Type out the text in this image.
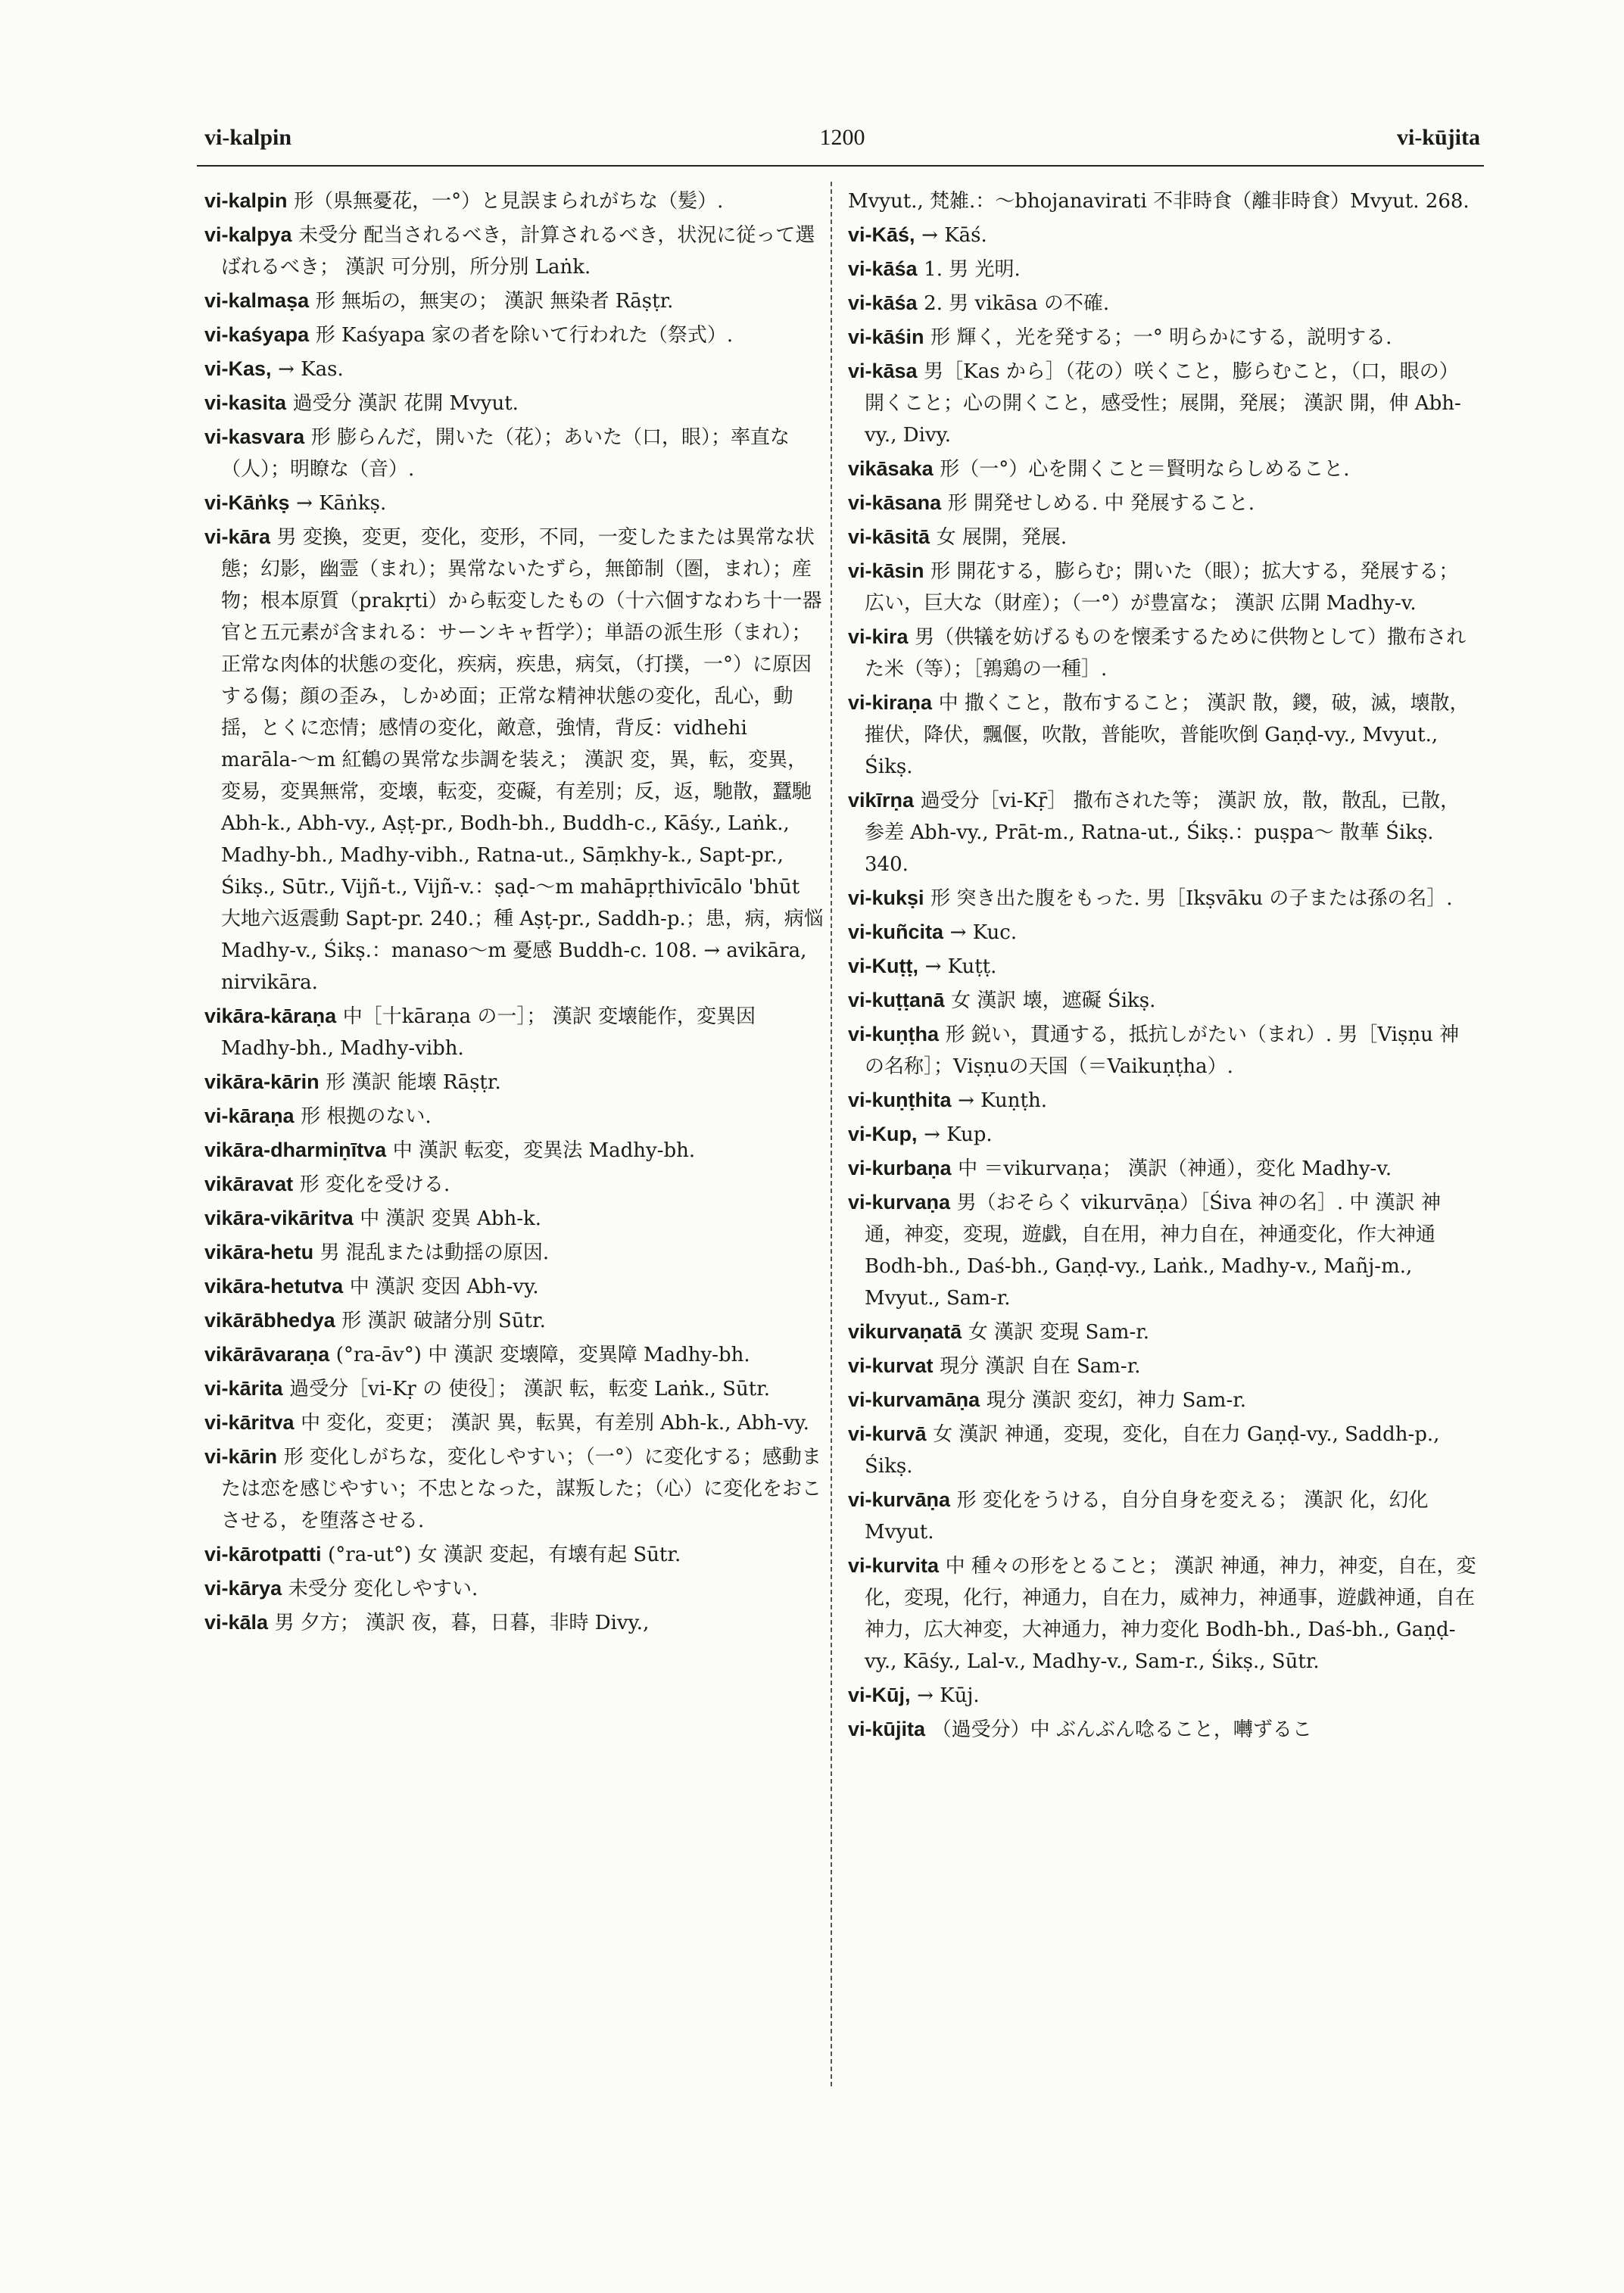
vi-kalpin	1200	vi-kūjita
vi-kalpin 形（県無憂花，一°）と見誤まられがちな（髪）.
vi-kalpya 未受分 配当されるべき，計算されるべき，状況に従って選ばれるべき； 漢訳 可分別，所分別 Laṅk.
vi-kalmaṣa 形 無垢の，無実の； 漢訳 無染者 Rāṣṭr.
vi-kaśyapa 形 Kaśyapa 家の者を除いて行われた（祭式）.
vi-Kas, → Kas.
vi-kasita 過受分 漢訳 花開 Mvyut.
vi-kasvara 形 膨らんだ，開いた（花）；あいた（口，眼）；率直な（人）；明瞭な（音）.
vi-Kāṅkṣ → Kāṅkṣ.
vi-kāra 男 変換，変更，変化，変形，不同，一変したまたは異常な状態；幻影，幽霊（まれ）；異常ないたずら，無節制（圏，まれ）；産物；根本原質（prakṛti）から転変したもの（十六個すなわち十一器官と五元素が含まれる：サーンキャ哲学）；単語の派生形（まれ）；正常な肉体的状態の変化，疾病，疾患，病気，（打撲，一°）に原因する傷；顔の歪み，しかめ面；正常な精神状態の変化，乱心，動揺，とくに恋情；感情の変化，敵意，強情，背反：vidhehi marāla-～m 紅鶴の異常な歩調を装え； 漢訳 変，異，転，変異，変易，変異無常，変壊，転変，変礙，有差別；反，返，馳散，蠶馳 Abh-k., Abh-vy., Aṣṭ-pr., Bodh-bh., Buddh-c., Kāśy., Laṅk., Madhy-bh., Madhy-vibh., Ratna-ut., Sāṃkhy-k., Sapt-pr., Śikṣ., Sūtr., Vijñ-t., Vijñ-v.：ṣaḍ-～m mahāpṛthivīcālo 'bhūt 大地六返震動 Sapt-pr. 240.；種 Aṣṭ-pr., Saddh-p.；患，病，病悩 Madhy-v., Śikṣ.：manaso～m 憂感 Buddh-c. 108. → avikāra, nirvikāra.
vikāra-kāraṇa 中［十kāraṇa の一］； 漢訳 変壊能作，変異因 Madhy-bh., Madhy-vibh.
vikāra-kārin 形 漢訳 能壊 Rāṣṭr.
vi-kāraṇa 形 根拠のない.
vikāra-dharmiṇītva 中 漢訳 転変，変異法 Madhy-bh.
vikāravat 形 変化を受ける.
vikāra-vikāritva 中 漢訳 変異 Abh-k.
vikāra-hetu 男 混乱または動揺の原因.
vikāra-hetutva 中 漢訳 変因 Abh-vy.
vikārābhedya 形 漢訳 破諸分別 Sūtr.
vikārāvaraṇa (°ra-āv°) 中 漢訳 変壊障，変異障 Madhy-bh.
vi-kārita 過受分［vi-Kṛ の 使役］； 漢訳 転，転変 Laṅk., Sūtr.
vi-kāritva 中 変化，変更； 漢訳 異，転異，有差別 Abh-k., Abh-vy.
vi-kārin 形 変化しがちな，変化しやすい；（一°）に変化する；感動または恋を感じやすい；不忠となった，謀叛した；（心）に変化をおこさせる，を堕落させる.
vi-kārotpatti (°ra-ut°) 女 漢訳 変起，有壊有起 Sūtr.
vi-kārya 未受分 変化しやすい.
vi-kāla 男 夕方； 漢訳 夜，暮，日暮，非時 Divy.,
Mvyut., 梵雑.：～bhojanavirati 不非時食（離非時食）Mvyut. 268.
vi-Kāś, → Kāś.
vi-kāśa 1. 男 光明.
vi-kāśa 2. 男 vikāsa の不確.
vi-kāśin 形 輝く，光を発する；一° 明らかにする，説明する.
vi-kāsa 男［Kas から］（花の）咲くこと，膨らむこと，（口，眼の）開くこと；心の開くこと，感受性；展開，発展； 漢訳 開，伸 Abh-vy., Divy.
vikāsaka 形（一°）心を開くこと＝賢明ならしめること.
vi-kāsana 形 開発せしめる. 中 発展すること.
vi-kāsitā 女 展開，発展.
vi-kāsin 形 開花する，膨らむ；開いた（眼）；拡大する，発展する；広い，巨大な（財産）；（一°）が豊富な； 漢訳 広開 Madhy-v.
vi-kira 男（供犠を妨げるものを懐柔するために供物として）撒布された米（等）；［鶉鶏の一種］.
vi-kiraṇa 中 撒くこと，散布すること； 漢訳 散，鑁，破，滅，壊散，摧伏，降伏，飄偃，吹散，普能吹，普能吹倒 Gaṇḍ-vy., Mvyut., Śikṣ.
vikīrṇa 過受分［vi-Kṝ］ 撒布された等； 漢訳 放，散，散乱，已散，参差 Abh-vy., Prāt-m., Ratna-ut., Śikṣ.：puṣpa～ 散華 Śikṣ. 340.
vi-kukṣi 形 突き出た腹をもった. 男［Ikṣvāku の子または孫の名］.
vi-kuñcita → Kuc.
vi-Kuṭṭ, → Kuṭṭ.
vi-kuṭṭanā 女 漢訳 壊，遮礙 Śikṣ.
vi-kuṇṭha 形 鋭い，貫通する，抵抗しがたい（まれ）. 男［Viṣṇu 神の名称］；Viṣṇuの天国（＝Vaikuṇṭha）.
vi-kuṇṭhita → Kuṇṭh.
vi-Kup, → Kup.
vi-kurbaṇa 中 ＝vikurvaṇa； 漢訳（神通），変化 Madhy-v.
vi-kurvaṇa 男（おそらく vikurvāṇa）［Śiva 神の名］. 中 漢訳 神通，神変，変現，遊戯，自在用，神力自在，神通変化，作大神通 Bodh-bh., Daś-bh., Gaṇḍ-vy., Laṅk., Madhy-v., Mañj-m., Mvyut., Sam-r.
vikurvaṇatā 女 漢訳 変現 Sam-r.
vi-kurvat 現分 漢訳 自在 Sam-r.
vi-kurvamāṇa 現分 漢訳 変幻，神力 Sam-r.
vi-kurvā 女 漢訳 神通，変現，変化，自在力 Gaṇḍ-vy., Saddh-p., Śikṣ.
vi-kurvāṇa 形 変化をうける，自分自身を変える； 漢訳 化，幻化 Mvyut.
vi-kurvita 中 種々の形をとること； 漢訳 神通，神力，神変，自在，変化，変現，化行，神通力，自在力，威神力，神通事，遊戯神通，自在神力，広大神変，大神通力，神力変化 Bodh-bh., Daś-bh., Gaṇḍ-vy., Kāśy., Lal-v., Madhy-v., Sam-r., Śikṣ., Sūtr.
vi-Kūj, → Kūj.
vi-kūjita （過受分）中 ぶんぶん唸ること，囀ずるこ
